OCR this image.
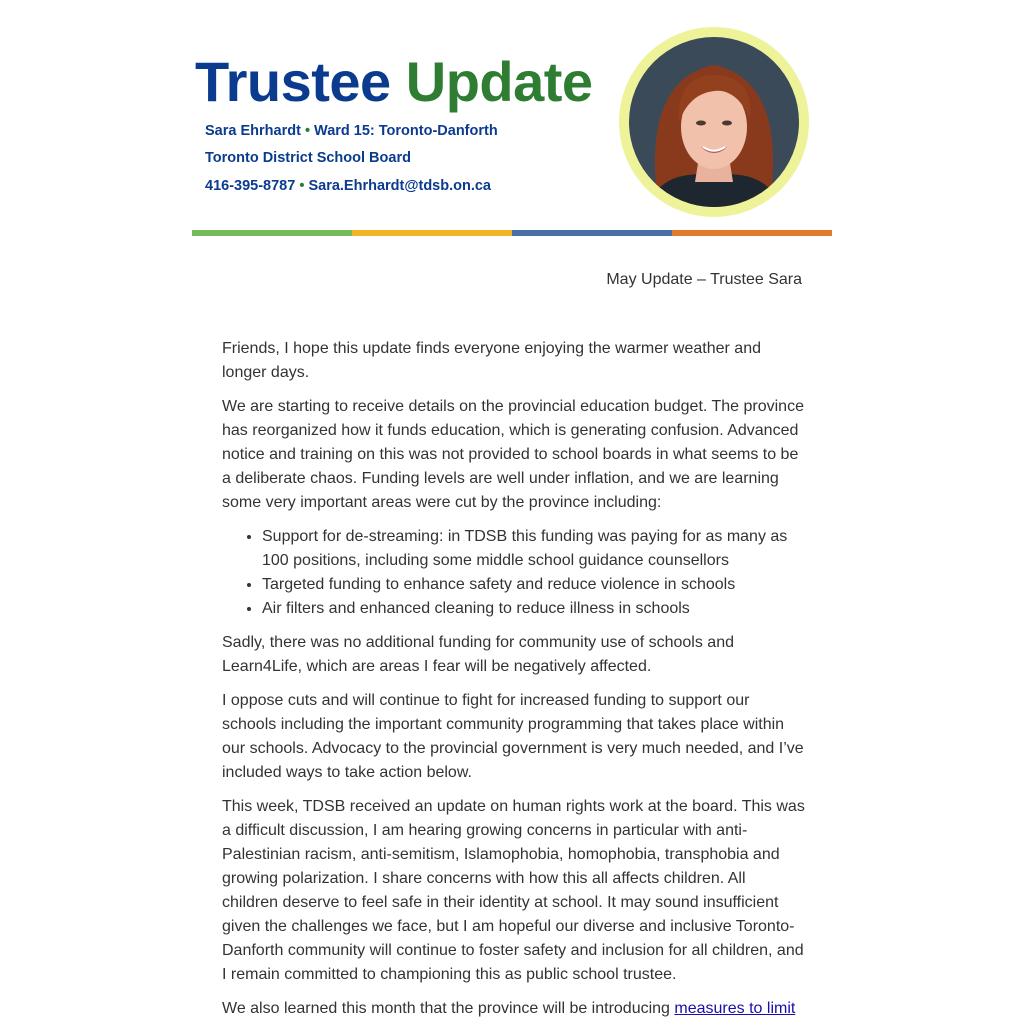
Trustee Update
Sara Ehrhardt • Ward 15: Toronto-Danforth
Toronto District School Board
416-395-8787 • Sara.Ehrhardt@tdsb.on.ca
May Update – Trustee Sara

Friends, I hope this update finds everyone enjoying the warmer weather and longer days.

We are starting to receive details on the provincial education budget. The province has reorganized how it funds education, which is generating confusion. Advanced notice and training on this was not provided to school boards in what seems to be a deliberate chaos. Funding levels are well under inflation, and we are learning some very important areas were cut by the province including:

• Support for de-streaming: in TDSB this funding was paying for as many as 100 positions, including some middle school guidance counsellors
• Targeted funding to enhance safety and reduce violence in schools
• Air filters and enhanced cleaning to reduce illness in schools

Sadly, there was no additional funding for community use of schools and Learn4Life, which are areas I fear will be negatively affected.

I oppose cuts and will continue to fight for increased funding to support our schools including the important community programming that takes place within our schools. Advocacy to the provincial government is very much needed, and I’ve included ways to take action below.

This week, TDSB received an update on human rights work at the board. This was a difficult discussion, I am hearing growing concerns in particular with anti-Palestinian racism, anti-semitism, Islamophobia, homophobia, transphobia and growing polarization. I share concerns with how this all affects children. All children deserve to feel safe in their identity at school. It may sound insufficient given the challenges we face, but I am hopeful our diverse and inclusive Toronto-Danforth community will continue to foster safety and inclusion for all children, and I remain committed to championing this as public school trustee.

We also learned this month that the province will be introducing measures to limit
